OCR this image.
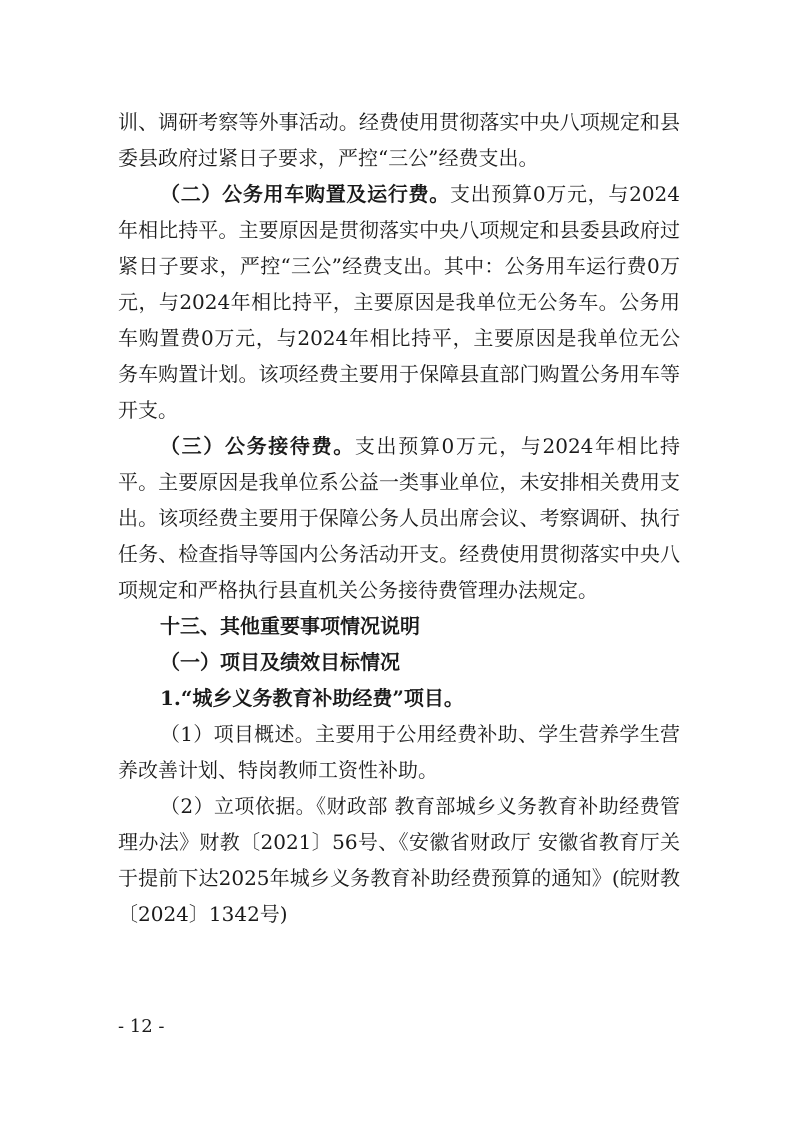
训、调研考察等外事活动。经费使用贯彻落实中央八项规定和县委县政府过紧日子要求，严控“三公”经费支出。

（二）公务用车购置及运行费。支出预算0万元，与2024年相比持平。主要原因是贯彻落实中央八项规定和县委县政府过紧日子要求，严控“三公”经费支出。其中：公务用车运行费0万元，与2024年相比持平，主要原因是我单位无公务车。公务用车购置费0万元，与2024年相比持平，主要原因是我单位无公务车购置计划。该项经费主要用于保障县直部门购置公务用车等开支。

（三）公务接待费。支出预算0万元，与2024年相比持平。主要原因是我单位系公益一类事业单位，未安排相关费用支出。该项经费主要用于保障公务人员出席会议、考察调研、执行任务、检查指导等国内公务活动开支。经费使用贯彻落实中央八项规定和严格执行县直机关公务接待费管理办法规定。

十三、其他重要事项情况说明

（一）项目及绩效目标情况

1.“城乡义务教育补助经费”项目。

（1）项目概述。主要用于公用经费补助、学生营养学生营养改善计划、特岗教师工资性补助。

（2）立项依据。《财政部 教育部城乡义务教育补助经费管理办法》财教〔2021〕56号、《安徽省财政厅 安徽省教育厅关于提前下达2025年城乡义务教育补助经费预算的通知》(皖财教〔2024〕1342号)

- 12 -
